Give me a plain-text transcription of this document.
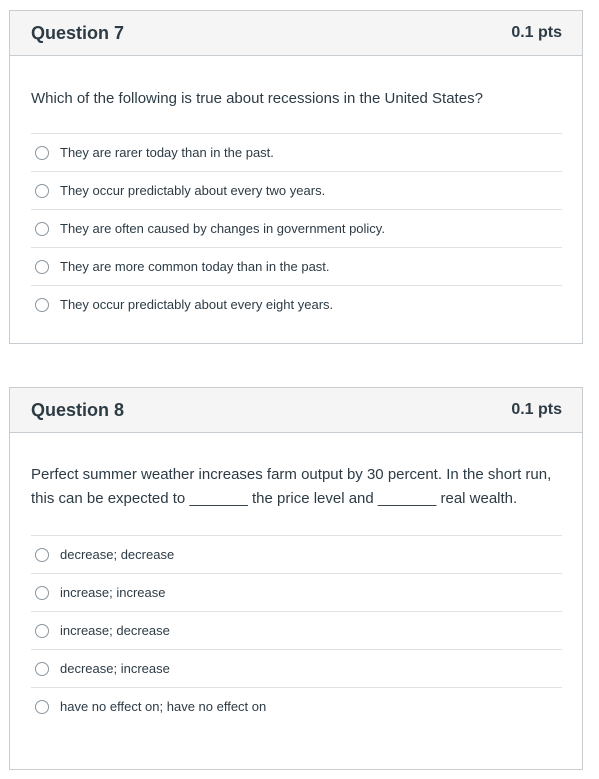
Question 7	0.1 pts
Which of the following is true about recessions in the United States?
They are rarer today than in the past.
They occur predictably about every two years.
They are often caused by changes in government policy.
They are more common today than in the past.
They occur predictably about every eight years.
Question 8	0.1 pts
Perfect summer weather increases farm output by 30 percent. In the short run, this can be expected to _______ the price level and _______ real wealth.
decrease; decrease
increase; increase
increase; decrease
decrease; increase
have no effect on; have no effect on
